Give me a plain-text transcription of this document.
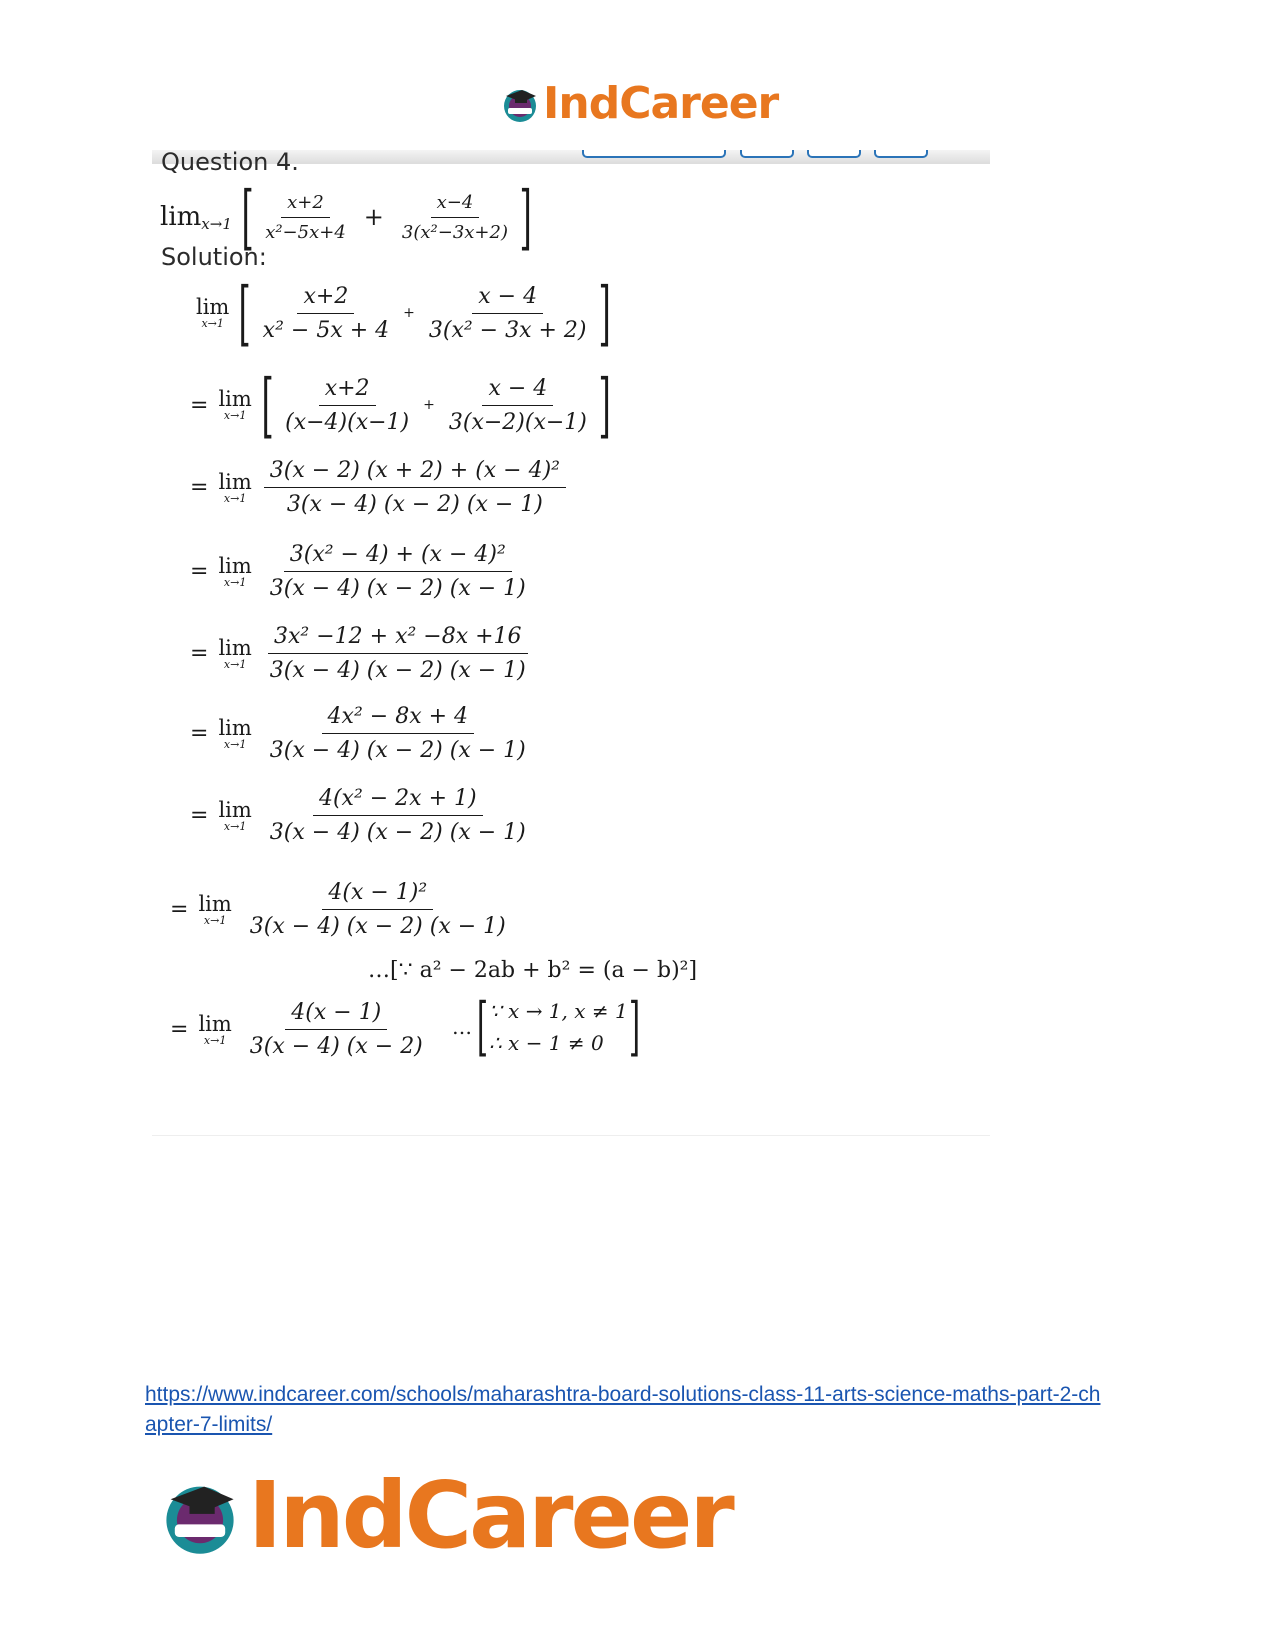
IndCareer
Question 4.
lim x→1 [ $\frac{x+2}{\text{x²−5x+4}} + \frac{x-4}{\text{3(x²−3x+2)}}$ ]
Solution:
lim
x→1 [ $\frac{x+2}{\text{x² − 5x + 4}} + \frac{x - 4}{\text{3(x² − 3x + 2)}}$ ]
= lim
x→1 [ $\frac{x+2}{(x-4)(x-1)} + \frac{x - 4}{3(x-2)(x-1)}$ ]
= lim
$x\to 1 \frac{\text{3(x − 2) (x + 2) + (x − 4)²}}{3(x - 4) (x - 2) (x - 1)}$
= lim
$x\to 1 \frac{\text{3(x² − 4) + (x − 4)²}}{3(x - 4) (x - 2) (x - 1)}$
= lim
$x\to 1 \frac{\text{3x² −12 + x² −8x +16}}{3(x - 4) (x - 2) (x - 1)}$
= lim
$x\to 1 \frac{\text{4x² − 8x + 4}}{3(x - 4) (x - 2) (x - 1)}$
= lim
$x\to 1 \frac{\text{4(x² − 2x + 1)}}{3(x - 4) (x - 2) (x - 1)}$
= lim
$x\to 1 \frac{\text{4(x − 1)²}}{3(x - 4) (x - 2) (x - 1)}$
…[∵ a² − 2ab + b² = (a − b)²]
= lim
$x\to 1 \frac{4(x - 1)}{3(x - 4) (x - 2)}$ … [ ∵ x → 1, x ≠ 1
∴ x − 1 ≠ 0 ]
https://www.indcareer.com/schools/maharashtra-board-solutions-class-11-arts-science-maths-part-2-chapter-7-limits/
IndCareer
